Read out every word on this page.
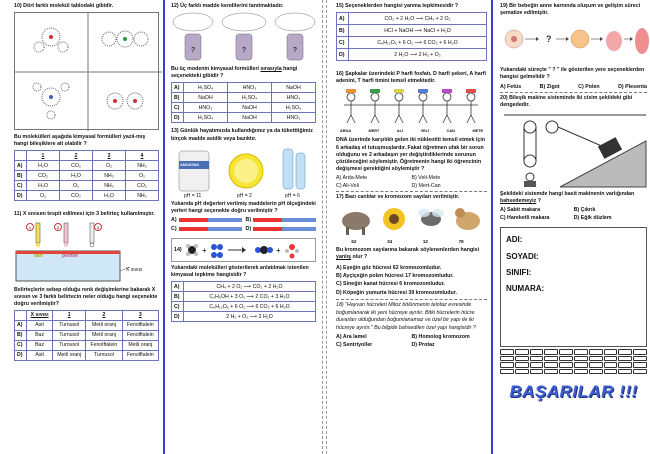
10) Dört farklı molekül tablodaki gibidir.
Bu molekülleri aşağıda kimyasal formülleri yazıl-mış hangi bileşiklere ait olabilir ?
	1	2	3	4
A)	H₂O	CO₂	O₂	NH₃
B)	CO₂	H₂O	NH₃	O₂
C)	H₂O	O₂	NH₃	CO₂
D)	O₂	CO₂	H₂O	NH₃
11) X sıvısını tespit edilmesi için 3 belirteç kullanılmıştır.
1	2	3
sarı	pembe
X sıvısı
Belirteçlerin sebep olduğu renk değişimlerine bakarak X sıvısın ve 3 farklı belirtecin neler olduğu hangi seçenekte doğru verilmiştir?
	X sıvısı	1	2	3
A)	Asit	Turnusol	Metil oranj	Fenolftalein
B)	Baz	Turnusol	Metil oranj	Fenolftalein
C)	Baz	Turnusol	Fenolftalein	Metil oranj
D)	Asit	Metil oranj	Turnusol	Fenolftalein
12) Üç farklı madde kendilerini tanıtmaktadır.
?	?	?
Bu üç modenin kimyasal formülleri sırasıyla hangi seçenekteki gibidir ?
A)	H₂SO₄	HNO₃	NaOH
B)	NaOH	H₂SO₄	HNO₃
C)	HNO₃	NaOH	H₂SO₄
D)	H₂SO₄	NaOH	HNO₃
13) Günlük hayatımızda kullandığımız ya da tüketttiğimiz birçok madde asidik veya bazıktır.
AMONYAK
pH = 11	pH = 2	pH = 6
Yukarıda pH değerleri verilmiş maddelerin pH ölçeğindeki yerleri hangi seçenekte doğru verilmiştir ?
A)	B)
C)	D)
14)	+	+
Yukarıdaki molekülleri gösterilerek anlatılmak istenilen kimyasal tepkime hangisidir ?
A)	CH₄ + 2 O₂ ⟶ CO₂ + 2 H₂O
B)	C₂H₅OH + 3 O₂ ⟶ 2 CO₂ + 3 H₂O
C)	C₆H₁₂O₆ + 6 O₂ ⟶ 6 CO₂ + 6 H₂O
D)	2 H₂ + O₂ ⟶ 2 H₂O
15) Seçeneklerden hangisi yanma tepkimesidir ?
A)	CO₂ + 2 H₂O ⟶ CH₄ + 2 O₂
B)	HCl + NaOH ⟶ NaCl + H₂O
C)	C₆H₁₂O₆ + 6 O₂ ⟶ 6 CO₂ + 6 H₂O
D)	2 H₂O ⟶ 2 H₂ + O₂
16) Şapkalar üzerindeki P harfi fosfatı, D harfi şekeri, A harfi adenini, T harfi timini temsil etmektedir.
ARDA	MERT	ALİ	VELİ	CAN	METE
DNA üzerinde karşılıklı gelen iki nükleotiti temsil etmek için 6 arkadaş el tutuşmuşlardır. Fakat öğretmen ufak bir sorun olduğunu ve 2 arkadaşın yer değiştirdiklerinde sorunun çözüleceğini söylemiştir. Öğretmenin hangi iki öğrencinin değişmesi gerektiğini söylemiştir ?
A) Arda-Mete	B) Veli-Mete
C) Ali-Veli	D) Mert-Can
17) Bazı canlılar ve kromozom sayıları verilmiştir.
62	34	12	78
Bu kromozom sayılarına bakarak söylenenlerden hangisi yanlış olur ?
A) Eşeğin göz hücresi 62 kromozomludur.
B) Ayçiçeğin polen hücresi 17 kromozomludur.
C) Sineğin kanat hücresi 6 kromozomludur.
D) Köpeğin yumurta hücresi 39 kromozomludur.
18) "Hayvan hücreleri Mitoz bölünmenin telofaz evresinde boğumlanarak iki yeni hücreye ayrılır. Bitki hücrelerin hücre duvarları olduğundan boğumlanamaz ve özel bir yapı ile iki hücreye ayrılır." Bu bilgide bahsedilen özel yapı hangisidir ?
A) Ara lamel	B) Homolog kromozom
C) Sentriyoller	D) Protaz
19) Bir bebeğin anne karnında oluşum ve gelişim süreci şematize edilmiştir.
?
Yukarıdaki süreçte " ? " ile gösterilen yere seçeneklerden hangisi gelmelidir ?
A) Fetüs	B) Zigot	C) Polen	D) Plesenta
20) Bileşik makine sisteminde iki cisim şekildeki gibi dengededir.
Şekildeki sistemde hangi basit makinenin varlığından bahsedemeyiz ?
A) Sabit makara	B) Çıkrık
C) Hareketli makara	D) Eğik düzlem
ADI:
SOYADI:
SINIFI:
NUMARA:
BAŞARILAR !!!
